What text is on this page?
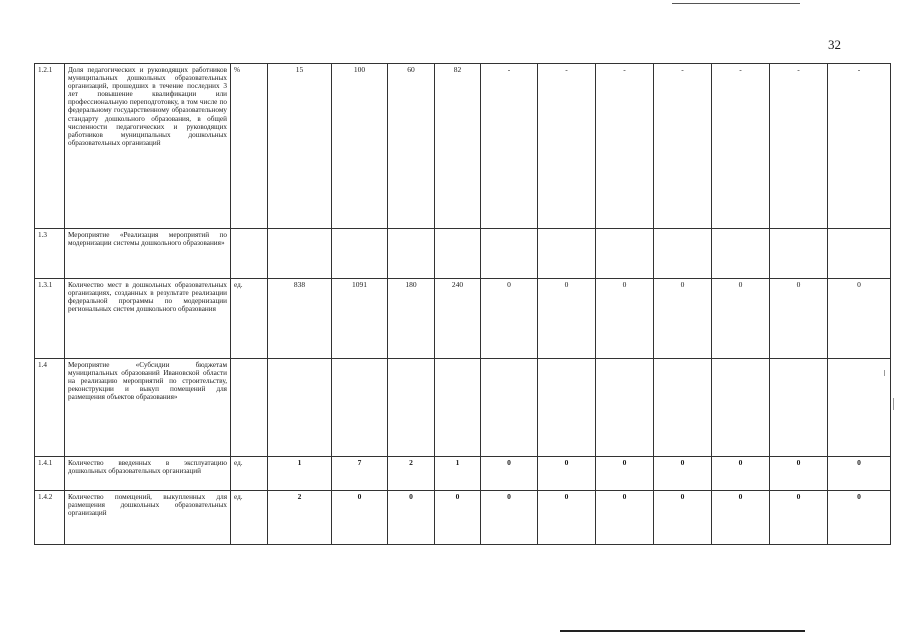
32
1.2.1	Доля педагогических и руководящих работников муниципальных дошкольных образовательных организаций, прошедших в течение последних 3 лет повышение квалификации или профессиональную переподготовку, в том числе по федеральному государственному образовательному стандарту дошкольного образования, в общей численности педагогических и руководящих работников муниципальных дошкольных образовательных организаций	%	15	100	60	82	-	-	-	-	-	-	-
1.3	Мероприятие «Реализация мероприятий по модернизации системы дошкольного образования»												
1.3.1	Количество мест в дошкольных образовательных организациях, созданных в результате реализации федеральной программы по модернизации региональных систем дошкольного образования	ед.	838	1091	180	240	0	0	0	0	0	0	0
1.4	Мероприятие «Субсидии бюджетам муниципальных образований Ивановской области на реализацию мероприятий по строительству, реконструкции и выкуп помещений для размещения объектов образования»												
1.4.1	Количество введенных в эксплуатацию дошкольных образовательных организаций	ед.	1	7	2	1	0	0	0	0	0	0	0
1.4.2	Количество помещений, выкупленных для размещения дошкольных образовательных организаций	ед.	2	0	0	0	0	0	0	0	0	0	0
